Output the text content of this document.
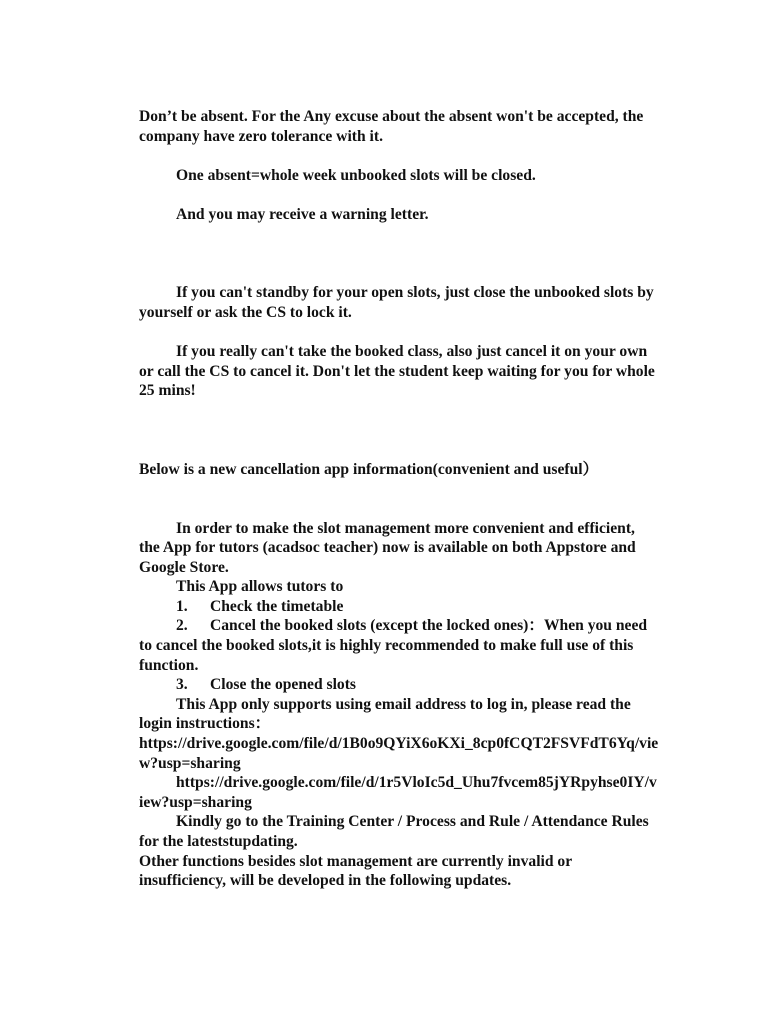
Don’t be absent. For the Any excuse about the absent won't be accepted, the company have zero tolerance with it.

One absent=whole week unbooked slots will be closed.

And you may receive a warning letter.

If you can't standby for your open slots, just close the unbooked slots by yourself or ask the CS to lock it.

If you really can't take the booked class, also just cancel it on your own or call the CS to cancel it. Don't let the student keep waiting for you for whole 25 mins!

Below is a new cancellation app information(convenient and useful）

In order to make the slot management more convenient and efficient, the App for tutors (acadsoc teacher) now is available on both Appstore and Google Store.

This App allows tutors to

1. Check the timetable
2. Cancel the booked slots (except the locked ones)：When you need to cancel the booked slots,it is highly recommended to make full use of this function.
3. Close the opened slots

This App only supports using email address to log in, please read the login instructions：

https://drive.google.com/file/d/1B0o9QYiX6oKXi_8cp0fCQT2FSVFdT6Yq/view?usp=sharing

https://drive.google.com/file/d/1r5VloIc5d_Uhu7fvcem85jYRpyhse0IY/view?usp=sharing

Kindly go to the Training Center / Process and Rule / Attendance Rules for the lateststupdating.

Other functions besides slot management are currently invalid or insufficiency, will be developed in the following updates.
